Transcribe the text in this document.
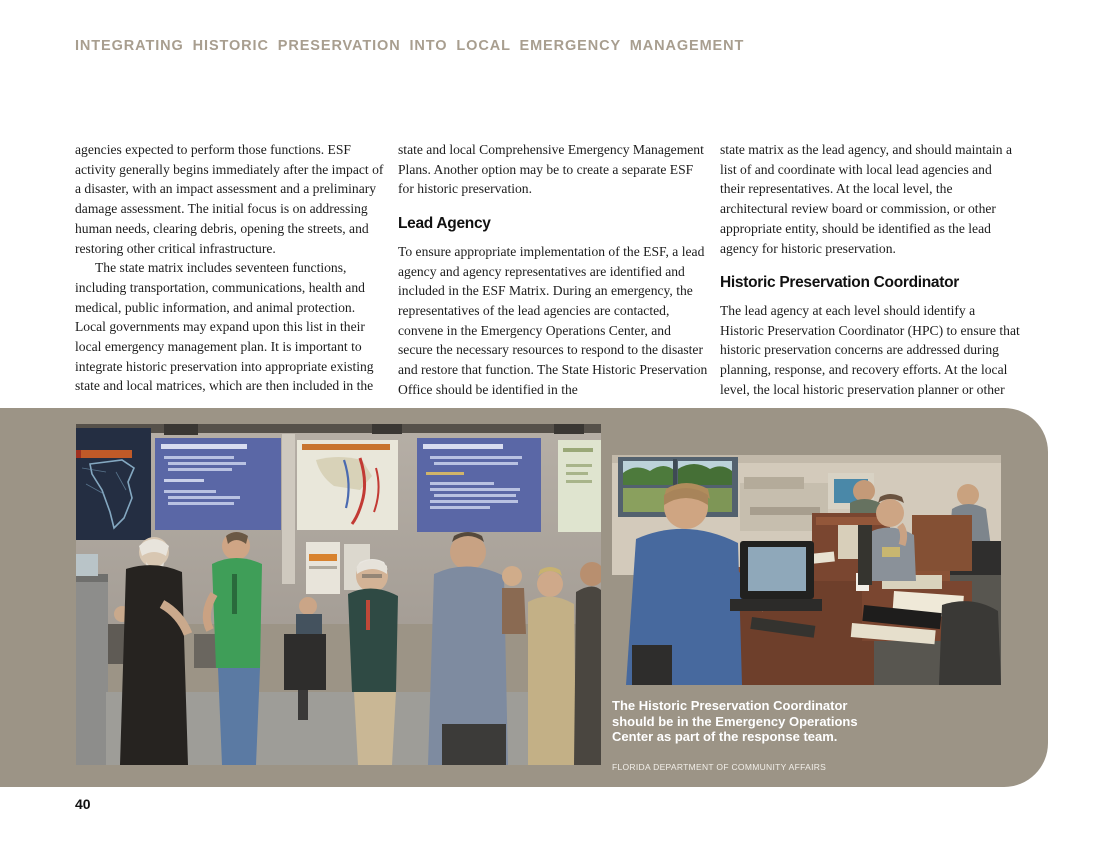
INTEGRATING HISTORIC PRESERVATION INTO LOCAL EMERGENCY MANAGEMENT

agencies expected to perform those functions. ESF activity generally begins immediately after the impact of a disaster, with an impact assessment and a preliminary damage assessment. The initial focus is on addressing human needs, clearing debris, opening the streets, and restoring other critical infrastructure.

The state matrix includes seventeen functions, including transportation, communications, health and medical, public information, and animal protection. Local governments may expand upon this list in their local emergency management plan. It is important to integrate historic preservation into appropriate existing state and local matrices, which are then included in the

state and local Comprehensive Emergency Management Plans. Another option may be to create a separate ESF for historic preservation.

Lead Agency

To ensure appropriate implementation of the ESF, a lead agency and agency representatives are identified and included in the ESF Matrix. During an emergency, the representatives of the lead agencies are contacted, convene in the Emergency Operations Center, and secure the necessary resources to respond to the disaster and restore that function. The State Historic Preservation Office should be identified in the

state matrix as the lead agency, and should maintain a list of and coordinate with local lead agencies and their representatives. At the local level, the architectural review board or commission, or other appropriate entity, should be identified as the lead agency for historic preservation.

Historic Preservation Coordinator

The lead agency at each level should identify a Historic Preservation Coordinator (HPC) to ensure that historic preservation concerns are addressed during planning, response, and recovery efforts. At the local level, the local historic preservation planner or other

The Historic Preservation Coordinator should be in the Emergency Operations Center as part of the response team.
FLORIDA DEPARTMENT OF COMMUNITY AFFAIRS
40
